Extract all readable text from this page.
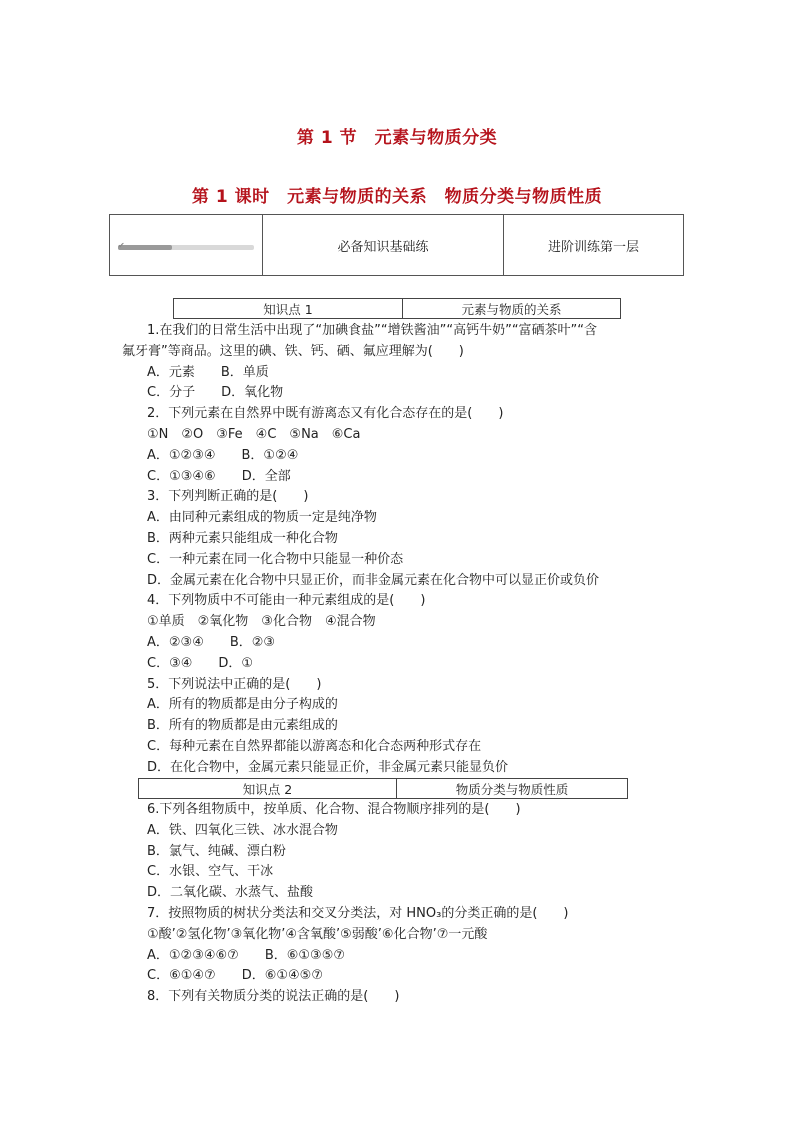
第 1 节　元素与物质分类
第 1 课时　元素与物质的关系　物质分类与物质性质
✔	必备知识基础练	进阶训练第一层
知识点 1	元素与物质的关系
1.在我们的日常生活中出现了“加碘食盐”“增铁酱油”“高钙牛奶”“富硒茶叶”“含
氟牙膏”等商品。这里的碘、铁、钙、硒、氟应理解为(　　)
A．元素　　B．单质
C．分子　　D．氧化物
2．下列元素在自然界中既有游离态又有化合态存在的是(　　)
①N　②O　③Fe　④C　⑤Na　⑥Ca
A．①②③④　　B．①②④
C．①③④⑥　　D．全部
3．下列判断正确的是(　　)
A．由同种元素组成的物质一定是纯净物
B．两种元素只能组成一种化合物
C．一种元素在同一化合物中只能显一种价态
D．金属元素在化合物中只显正价，而非金属元素在化合物中可以显正价或负价
4．下列物质中不可能由一种元素组成的是(　　)
①单质　②氧化物　③化合物　④混合物
A．②③④　　B．②③
C．③④　　D．①
5．下列说法中正确的是(　　)
A．所有的物质都是由分子构成的
B．所有的物质都是由元素组成的
C．每种元素在自然界都能以游离态和化合态两种形式存在
D．在化合物中，金属元素只能显正价，非金属元素只能显负价
知识点 2	物质分类与物质性质
6.下列各组物质中，按单质、化合物、混合物顺序排列的是(　　)
A．铁、四氧化三铁、冰水混合物
B．氯气、纯碱、漂白粉
C．水银、空气、干冰
D．二氧化碳、水蒸气、盐酸
7．按照物质的树状分类法和交叉分类法，对 HNO₃的分类正确的是(　　)
①酸’②氢化物’③氧化物’④含氧酸’⑤弱酸’⑥化合物’⑦一元酸
A．①②③④⑥⑦　　B．⑥①③⑤⑦
C．⑥①④⑦　　D．⑥①④⑤⑦
8．下列有关物质分类的说法正确的是(　　)
